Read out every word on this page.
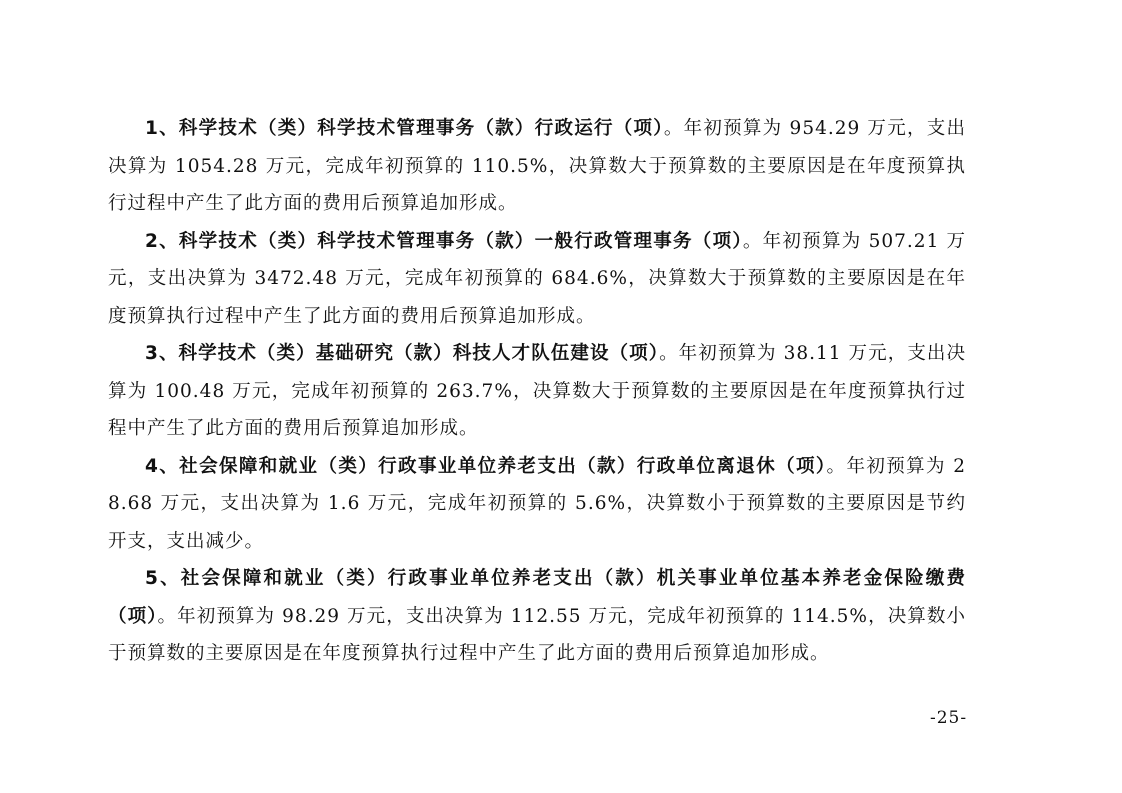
1、科学技术（类）科学技术管理事务（款）行政运行（项）。年初预算为 954.29 万元，支出决算为 1054.28 万元，完成年初预算的 110.5%，决算数大于预算数的主要原因是在年度预算执行过程中产生了此方面的费用后预算追加形成。

2、科学技术（类）科学技术管理事务（款）一般行政管理事务（项）。年初预算为 507.21 万元，支出决算为 3472.48 万元，完成年初预算的 684.6%，决算数大于预算数的主要原因是在年度预算执行过程中产生了此方面的费用后预算追加形成。

3、科学技术（类）基础研究（款）科技人才队伍建设（项）。年初预算为 38.11 万元，支出决算为 100.48 万元，完成年初预算的 263.7%，决算数大于预算数的主要原因是在年度预算执行过程中产生了此方面的费用后预算追加形成。

4、社会保障和就业（类）行政事业单位养老支出（款）行政单位离退休（项）。年初预算为 28.68 万元，支出决算为 1.6 万元，完成年初预算的 5.6%，决算数小于预算数的主要原因是节约开支，支出减少。

5、社会保障和就业（类）行政事业单位养老支出（款）机关事业单位基本养老金保险缴费（项）。年初预算为 98.29 万元，支出决算为 112.55 万元，完成年初预算的 114.5%，决算数小于预算数的主要原因是在年度预算执行过程中产生了此方面的费用后预算追加形成。

-25-
